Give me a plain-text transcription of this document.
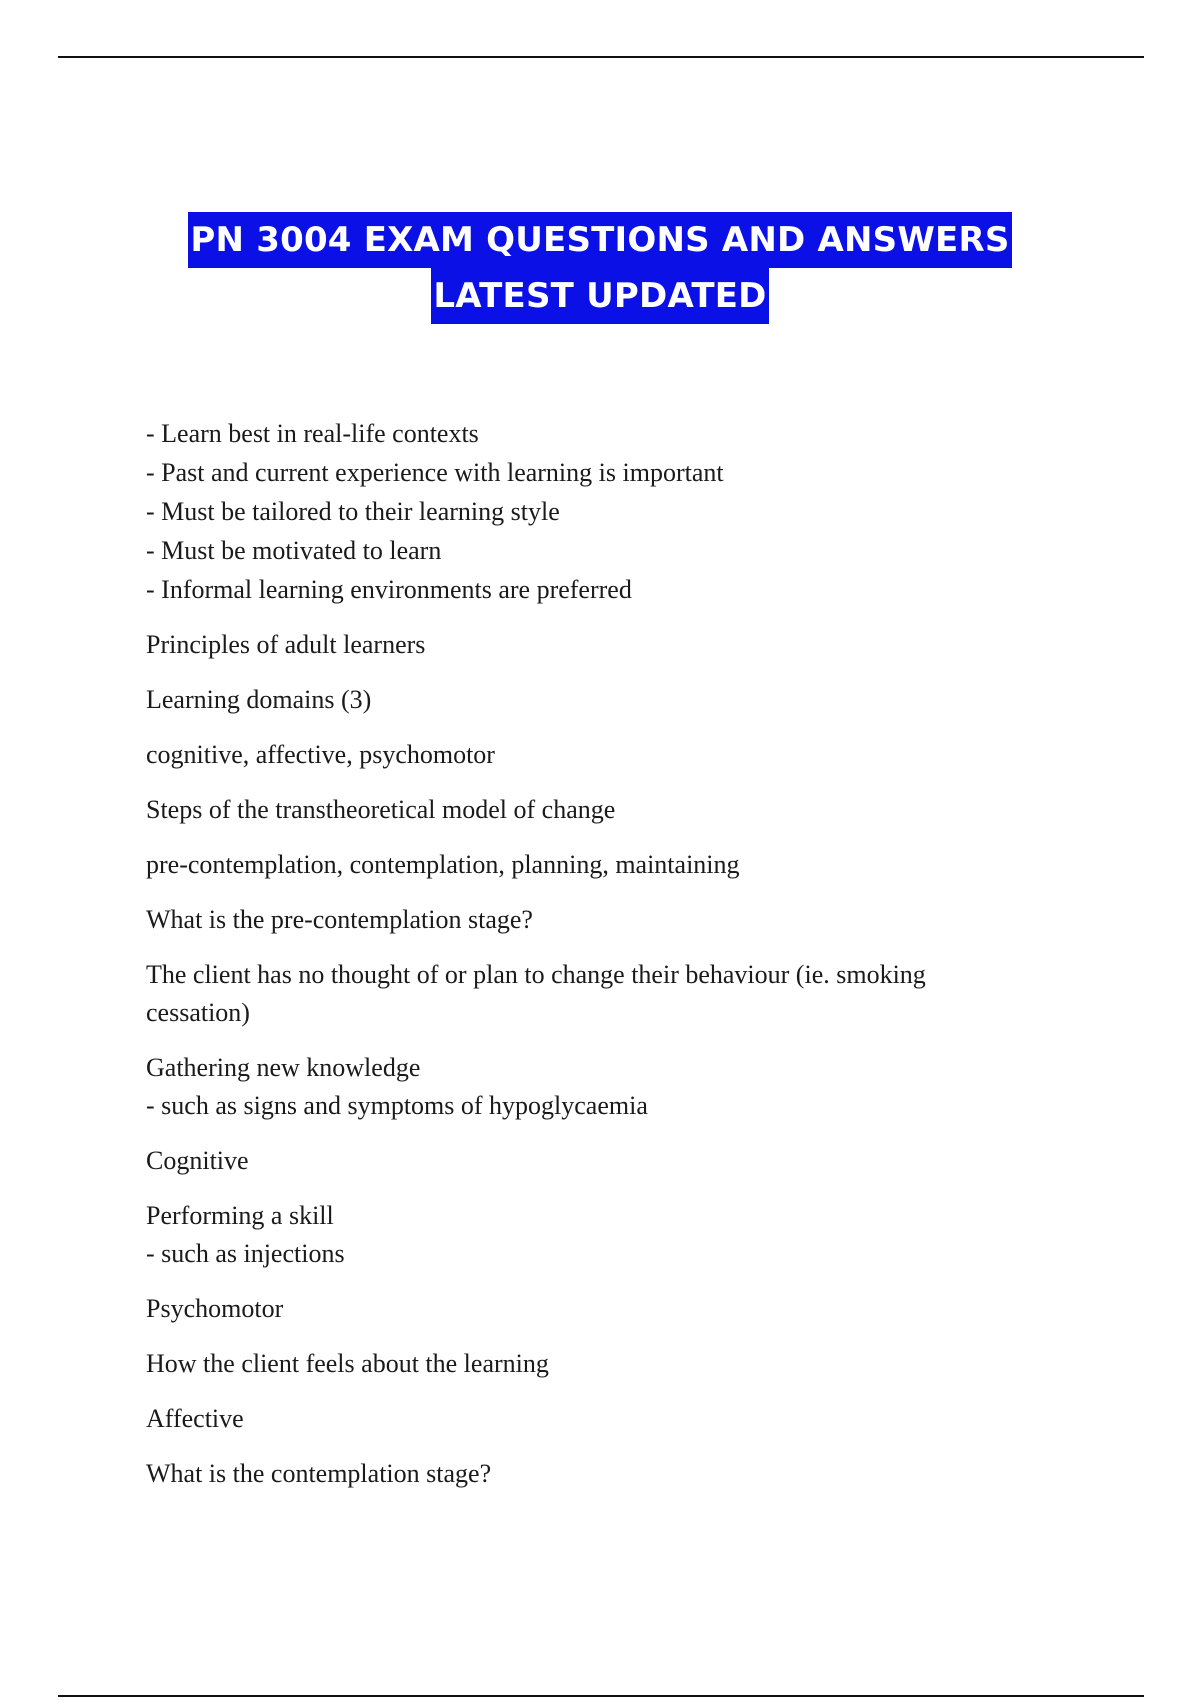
PN 3004 EXAM QUESTIONS AND ANSWERS
LATEST UPDATED
- Learn best in real-life contexts
- Past and current experience with learning is important
- Must be tailored to their learning style
- Must be motivated to learn
- Informal learning environments are preferred
Principles of adult learners
Learning domains (3)
cognitive, affective, psychomotor
Steps of the transtheoretical model of change
pre-contemplation, contemplation, planning, maintaining
What is the pre-contemplation stage?
The client has no thought of or plan to change their behaviour (ie. smoking
cessation)
Gathering new knowledge
- such as signs and symptoms of hypoglycaemia
Cognitive
Performing a skill
- such as injections
Psychomotor
How the client feels about the learning
Affective
What is the contemplation stage?
